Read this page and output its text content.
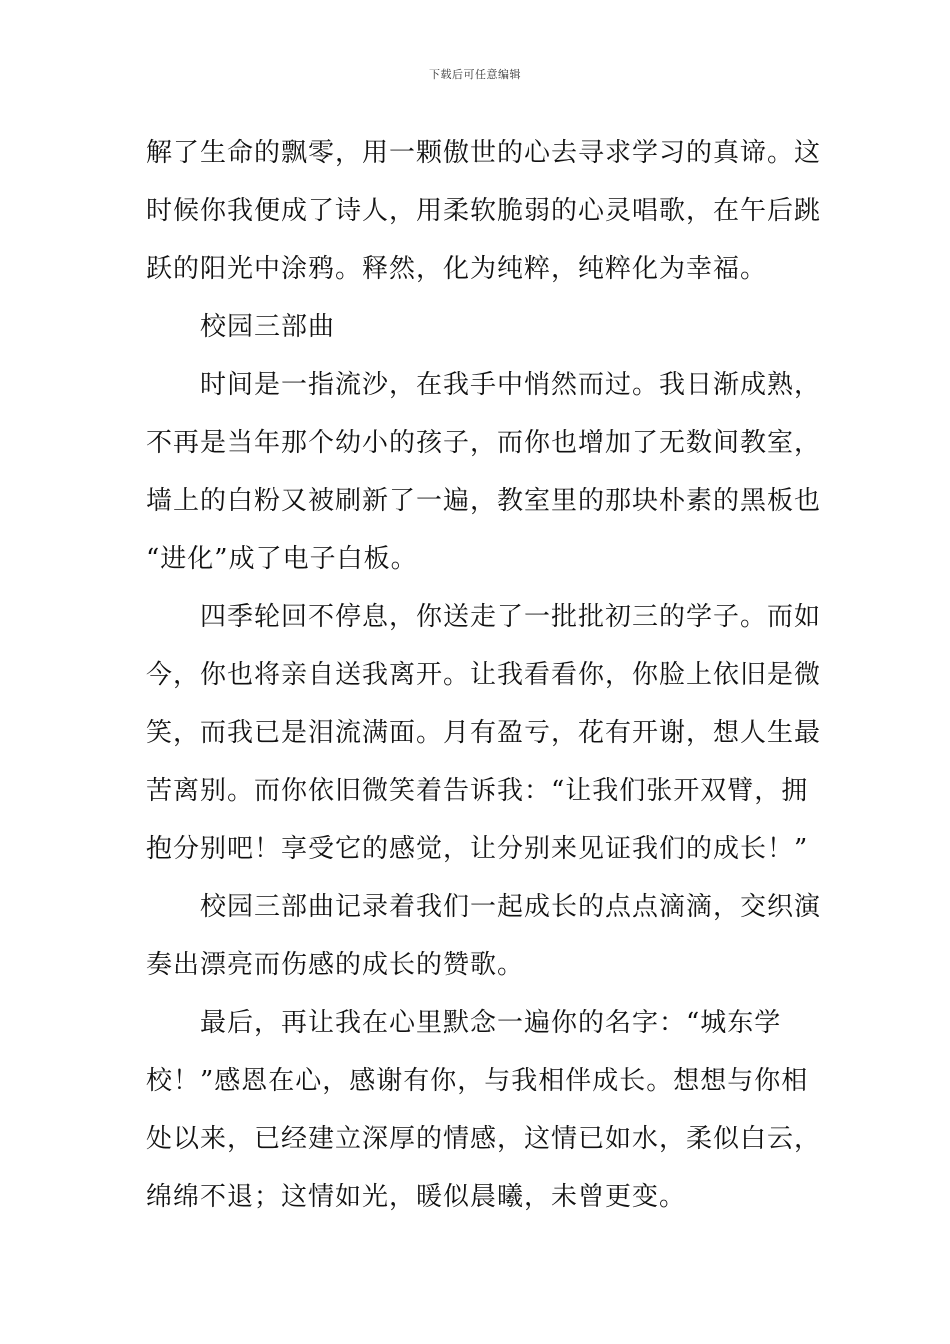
下载后可任意编辑
解了生命的飘零，用一颗傲世的心去寻求学习的真谛。这
时候你我便成了诗人，用柔软脆弱的心灵唱歌，在午后跳
跃的阳光中涂鸦。释然，化为纯粹，纯粹化为幸福。
校园三部曲
时间是一指流沙，在我手中悄然而过。我日渐成熟，
不再是当年那个幼小的孩子，而你也增加了无数间教室，
墙上的白粉又被刷新了一遍，教室里的那块朴素的黑板也
“进化”成了电子白板。
四季轮回不停息，你送走了一批批初三的学子。而如
今，你也将亲自送我离开。让我看看你，你脸上依旧是微
笑，而我已是泪流满面。月有盈亏，花有开谢，想人生最
苦离别。而你依旧微笑着告诉我：“让我们张开双臂，拥
抱分别吧！享受它的感觉，让分别来见证我们的成长！”
校园三部曲记录着我们一起成长的点点滴滴，交织演
奏出漂亮而伤感的成长的赞歌。
最后，再让我在心里默念一遍你的名字：“城东学
校！”感恩在心，感谢有你，与我相伴成长。想想与你相
处以来，已经建立深厚的情感，这情已如水，柔似白云，
绵绵不退；这情如光，暖似晨曦，未曾更变。
